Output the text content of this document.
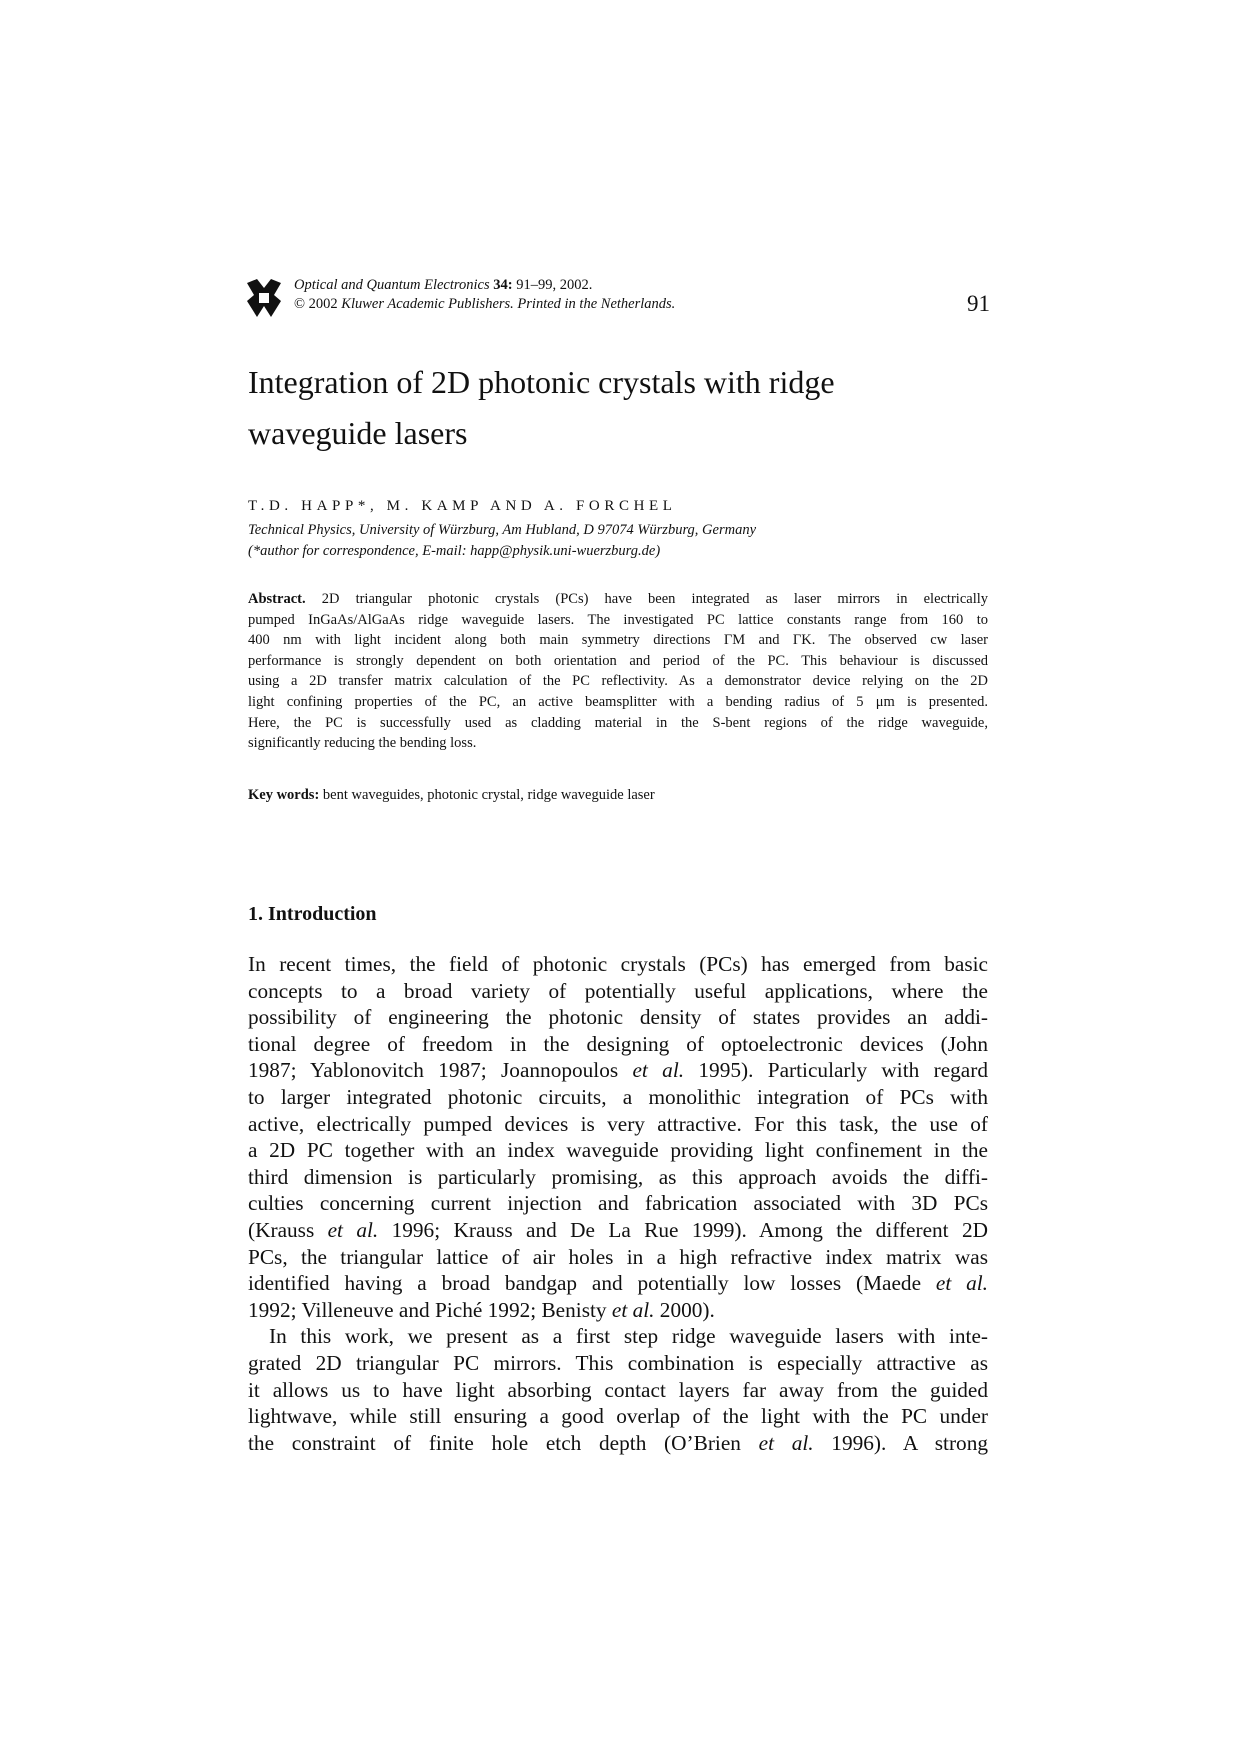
Optical and Quantum Electronics 34: 91–99, 2002.
© 2002 Kluwer Academic Publishers. Printed in the Netherlands.	91
Integration of 2D photonic crystals with ridge
waveguide lasers
T.D. HAPP*, M. KAMP AND A. FORCHEL
Technical Physics, University of Würzburg, Am Hubland, D 97074 Würzburg, Germany
(*author for correspondence, E-mail: happ@physik.uni-wuerzburg.de)
Abstract. 2D triangular photonic crystals (PCs) have been integrated as laser mirrors in electrically
pumped InGaAs/AlGaAs ridge waveguide lasers. The investigated PC lattice constants range from 160 to
400 nm with light incident along both main symmetry directions ΓM and ΓK. The observed cw laser
performance is strongly dependent on both orientation and period of the PC. This behaviour is discussed
using a 2D transfer matrix calculation of the PC reflectivity. As a demonstrator device relying on the 2D
light confining properties of the PC, an active beamsplitter with a bending radius of 5 μm is presented.
Here, the PC is successfully used as cladding material in the S-bent regions of the ridge waveguide,
significantly reducing the bending loss.
Key words: bent waveguides, photonic crystal, ridge waveguide laser
1. Introduction
In recent times, the field of photonic crystals (PCs) has emerged from basic
concepts to a broad variety of potentially useful applications, where the
possibility of engineering the photonic density of states provides an addi-
tional degree of freedom in the designing of optoelectronic devices (John
1987; Yablonovitch 1987; Joannopoulos et al. 1995). Particularly with regard
to larger integrated photonic circuits, a monolithic integration of PCs with
active, electrically pumped devices is very attractive. For this task, the use of
a 2D PC together with an index waveguide providing light confinement in the
third dimension is particularly promising, as this approach avoids the diffi-
culties concerning current injection and fabrication associated with 3D PCs
(Krauss et al. 1996; Krauss and De La Rue 1999). Among the different 2D
PCs, the triangular lattice of air holes in a high refractive index matrix was
identified having a broad bandgap and potentially low losses (Maede et al.
1992; Villeneuve and Piché 1992; Benisty et al. 2000).
In this work, we present as a first step ridge waveguide lasers with inte-
grated 2D triangular PC mirrors. This combination is especially attractive as
it allows us to have light absorbing contact layers far away from the guided
lightwave, while still ensuring a good overlap of the light with the PC under
the constraint of finite hole etch depth (O’Brien et al. 1996). A strong
